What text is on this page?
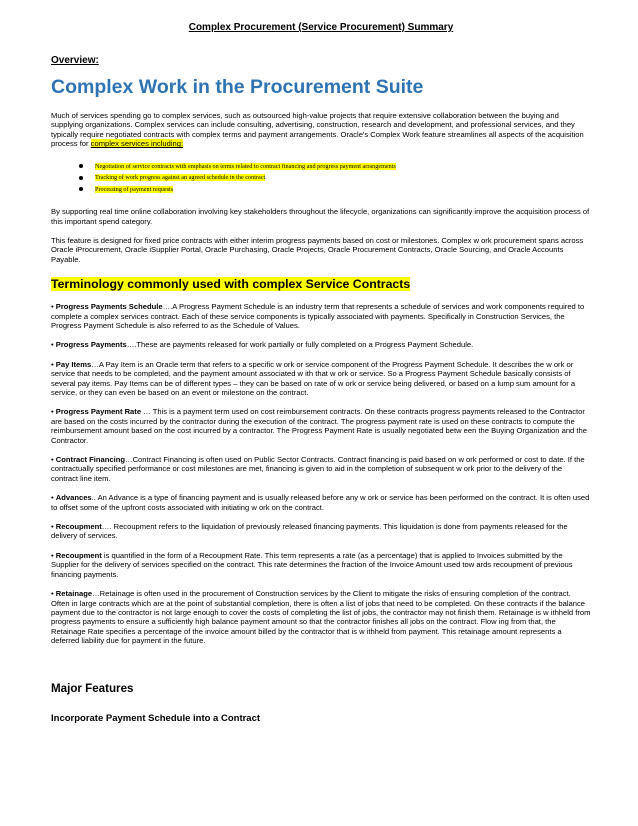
Complex Procurement (Service Procurement) Summary
Overview:
Complex Work in the Procurement Suite

Much of services spending go to complex services, such as outsourced high-value projects that require extensive collaboration between the buying and supplying organizations. Complex services can include consulting, advertising, construction, research and development, and professional services, and they typically require negotiated contracts with complex terms and payment arrangements. Oracle's Complex Work feature streamlines all aspects of the acquisition process for complex services including:

Negotiation of service contracts with emphasis on terms related to contract financing and progress payment arrangements
Tracking of work progress against an agreed schedule in the contract
Processing of payment requests

By supporting real time online collaboration involving key stakeholders throughout the lifecycle, organizations can significantly improve the acquisition process of this important spend category.

This feature is designed for fixed price contracts with either interim progress payments based on cost or milestones. Complex w ork procurement spans across Oracle iProcurement, Oracle iSupplier Portal, Oracle Purchasing, Oracle Projects, Oracle Procurement Contracts, Oracle Sourcing, and Oracle Accounts Payable.

Terminology commonly used with complex Service Contracts

• Progress Payments Schedule….A Progress Payment Schedule is an industry term that represents a schedule of services and work components required to complete a complex services contract. Each of these service components is typically associated with payments. Specifically in Construction Services, the Progress Payment Schedule is also referred to as the Schedule of Values.

• Progress Payments….These are payments released for work partially or fully completed on a Progress Payment Schedule.

• Pay Items…A Pay Item is an Oracle term that refers to a specific w ork or service component of the Progress Payment Schedule. It describes the w ork or service that needs to be completed, and the payment amount associated w ith that w ork or service. So a Progress Payment Schedule basically consists of several pay items. Pay Items can be of different types – they can be based on rate of w ork or service being delivered, or based on a lump sum amount for a service, or they can even be based on an event or milestone on the contract.

• Progress Payment Rate … This is a payment term used on cost reimbursement contracts. On these contracts progress payments released to the Contractor are based on the costs incurred by the contractor during the execution of the contract. The progress payment rate is used on these contracts to compute the reimbursement amount based on the cost incurred by a contractor. The Progress Payment Rate is usually negotiated betw een the Buying Organization and the Contractor.

• Contract Financing…Contract Financing is often used on Public Sector Contracts. Contract financing is paid based on w ork performed or cost to date. If the contractually specified performance or cost milestones are met, financing is given to aid in the completion of subsequent w ork prior to the delivery of the contract line item.

• Advances.. An Advance is a type of financing payment and is usually released before any w ork or service has been performed on the contract. It is often used to offset some of the upfront costs associated with initiating w ork on the contract.

• Recoupment…. Recoupment refers to the liquidation of previously released financing payments. This liquidation is done from payments released for the delivery of services.

• Recoupment is quantified in the form of a Recoupment Rate. This term represents a rate (as a percentage) that is applied to Invoices submitted by the Supplier for the delivery of services specified on the contract. This rate determines the fraction of the Invoice Amount used tow ards recoupment of previous financing payments.

• Retainage…Retainage is often used in the procurement of Construction services by the Client to mitigate the risks of ensuring completion of the contract. Often in large contracts which are at the point of substantial completion, there is often a list of jobs that need to be completed. On these contracts if the balance payment due to the contractor is not large enough to cover the costs of completing the list of jobs, the contractor may not finish them. Retainage is w ithheld from progress payments to ensure a sufficiently high balance payment amount so that the contractor finishes all jobs on the contract. Flow ing from that, the Retainage Rate specifies a percentage of the invoice amount billed by the contractor that is w ithheld from payment. This retainage amount represents a deferred liability due for payment in the future.

Major Features
Incorporate Payment Schedule into a Contract
